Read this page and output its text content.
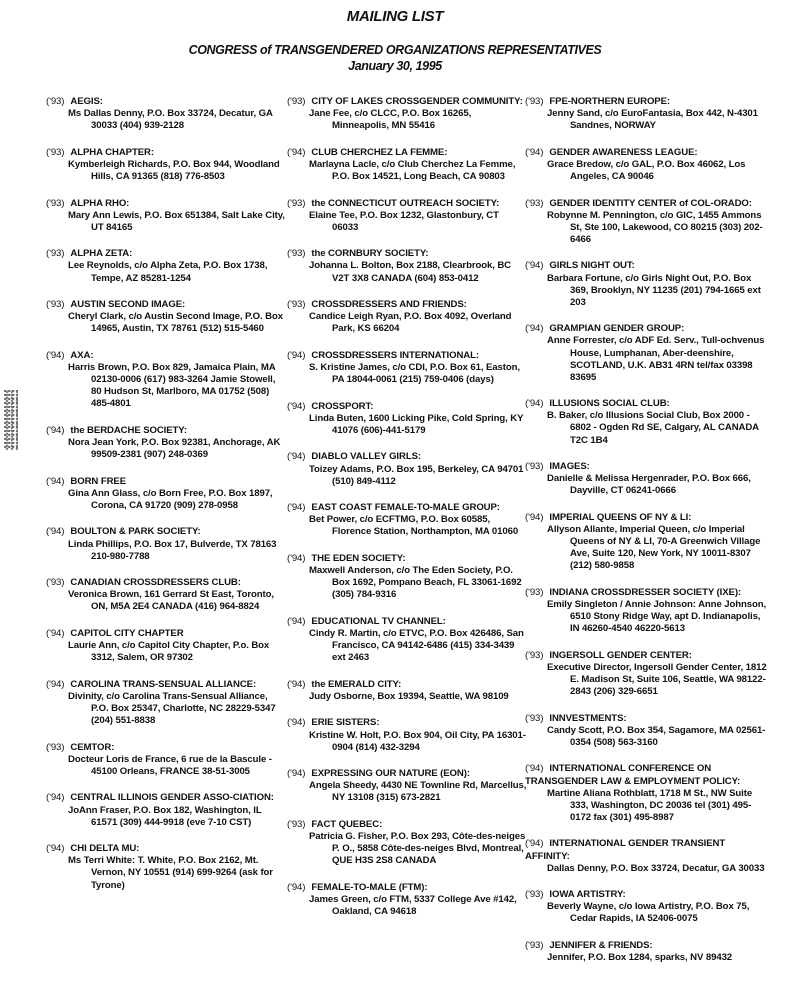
MAILING LIST
CONGRESS of TRANSGENDERED ORGANIZATIONS REPRESENTATIVES
January 30, 1995
('93) AEGIS:
Ms Dallas Denny, P.O. Box 33724, Decatur, GA 30033 (404) 939-2128
('93) ALPHA CHAPTER:
Kymberleigh Richards, P.O. Box 944, Woodland Hills, CA 91365 (818) 776-8503
('93) ALPHA RHO:
Mary Ann Lewis, P.O. Box 651384, Salt Lake City, UT 84165
('93) ALPHA ZETA:
Lee Reynolds, c/o Alpha Zeta, P.O. Box 1738, Tempe, AZ 85281-1254
('93) AUSTIN SECOND IMAGE:
Cheryl Clark, c/o Austin Second Image, P.O. Box 14965, Austin, TX 78761 (512) 515-5460
('94) AXA:
Harris Brown, P.O. Box 829, Jamaica Plain, MA 02130-0006 (617) 983-3264 Jamie Stowell, 80 Hudson St, Marlboro, MA 01752 (508) 485-4801
('94) the BERDACHE SOCIETY:
Nora Jean York, P.O. Box 92381, Anchorage, AK 99509-2381 (907) 248-0369
('94) BORN FREE
Gina Ann Glass, c/o Born Free, P.O. Box 1897, Corona, CA 91720 (909) 278-0958
('94) BOULTON & PARK SOCIETY:
Linda Phillips, P.O. Box 17, Bulverde, TX 78163 210-980-7788
('93) CANADIAN CROSSDRESSERS CLUB:
Veronica Brown, 161 Gerrard St East, Toronto, ON, M5A 2E4 CANADA (416) 964-8824
('94) CAPITOL CITY CHAPTER
Laurie Ann, c/o Capitol City Chapter, P.o. Box 3312, Salem, OR 97302
('94) CAROLINA TRANS-SENSUAL ALLIANCE:
Divinity, c/o Carolina Trans-Sensual Alliance, P.O. Box 25347, Charlotte, NC 28229-5347 (204) 551-8838
('93) CEMTOR:
Docteur Loris de France, 6 rue de la Bascule - 45100 Orleans, FRANCE 38-51-3005
('94) CENTRAL ILLINOIS GENDER ASSO-CIATION:
JoAnn Fraser, P.O. Box 182, Washington, IL 61571 (309) 444-9918 (eve 7-10 CST)
('94) CHI DELTA MU:
Ms Terri White: T. White, P.O. Box 2162, Mt. Vernon, NY 10551 (914) 699-9264 (ask for Tyrone)
('93) CITY OF LAKES CROSSGENDER COMMUNITY:
Jane Fee, c/o CLCC, P.O. Box 16265, Minneapolis, MN 55416
('94) CLUB CHERCHEZ LA FEMME:
Marlayna Lacle, c/o Club Cherchez La Femme, P.O. Box 14521, Long Beach, CA 90803
('93) the CONNECTICUT OUTREACH SOCIETY:
Elaine Tee, P.O. Box 1232, Glastonbury, CT 06033
('93) the CORNBURY SOCIETY:
Johanna L. Bolton, Box 2188, Clearbrook, BC V2T 3X8 CANADA (604) 853-0412
('93) CROSSDRESSERS AND FRIENDS:
Candice Leigh Ryan, P.O. Box 4092, Overland Park, KS 66204
('94) CROSSDRESSERS INTERNATIONAL:
S. Kristine James, c/o CDI, P.O. Box 61, Easton, PA 18044-0061 (215) 759-0406 (days)
('94) CROSSPORT:
Linda Buten, 1600 Licking Pike, Cold Spring, KY 41076 (606)-441-5179
('94) DIABLO VALLEY GIRLS:
Toizey Adams, P.O. Box 195, Berkeley, CA 94701 (510) 849-4112
('94) EAST COAST FEMALE-TO-MALE GROUP:
Bet Power, c/o ECFTMG, P.O. Box 60585, Florence Station, Northampton, MA 01060
('94) THE EDEN SOCIETY:
Maxwell Anderson, c/o The Eden Society, P.O. Box 1692, Pompano Beach, FL 33061-1692 (305) 784-9316
('94) EDUCATIONAL TV CHANNEL:
Cindy R. Martin, c/o ETVC, P.O. Box 426486, San Francisco, CA 94142-6486 (415) 334-3439 ext 2463
('94) the EMERALD CITY:
Judy Osborne, Box 19394, Seattle, WA 98109
('94) ERIE SISTERS:
Kristine W. Holt, P.O. Box 904, Oil City, PA 16301-0904 (814) 432-3294
('94) EXPRESSING OUR NATURE (EON):
Angela Sheedy, 4430 NE Townline Rd, Marcellus, NY 13108 (315) 673-2821
('93) FACT QUEBEC:
Patricia G. Fisher, P.O. Box 293, Côte-des-neiges P. O., 5858 Côte-des-neiges Blvd, Montreal, QUE H3S 2S8 CANADA
('94) FEMALE-TO-MALE (FTM):
James Green, c/o FTM, 5337 College Ave #142, Oakland, CA 94618
('93) FPE-NORTHERN EUROPE:
Jenny Sand, c/o EuroFantasia, Box 442, N-4301 Sandnes, NORWAY
('94) GENDER AWARENESS LEAGUE:
Grace Bredow, c/o GAL, P.O. Box 46062, Los Angeles, CA 90046
('93) GENDER IDENTITY CENTER of COL-ORADO:
Robynne M. Pennington, c/o GIC, 1455 Ammons St, Ste 100, Lakewood, CO 80215 (303) 202-6466
('94) GIRLS NIGHT OUT:
Barbara Fortune, c/o Girls Night Out, P.O. Box 369, Brooklyn, NY 11235 (201) 794-1665 ext 203
('94) GRAMPIAN GENDER GROUP:
Anne Forrester, c/o ADF Ed. Serv., Tull-ochvenus House, Lumphanan, Aber-deenshire, SCOTLAND, U.K. AB31 4RN tel/fax 03398 83695
('94) ILLUSIONS SOCIAL CLUB:
B. Baker, c/o Illusions Social Club, Box 2000 - 6802 - Ogden Rd SE, Calgary, AL CANADA T2C 1B4
('93) IMAGES:
Danielle & Melissa Hergenrader, P.O. Box 666, Dayville, CT 06241-0666
('94) IMPERIAL QUEENS OF NY & LI:
Allyson Allante, Imperial Queen, c/o Imperial Queens of NY & LI, 70-A Greenwich Village Ave, Suite 120, New York, NY 10011-8307 (212) 580-9858
('93) INDIANA CROSSDRESSER SOCIETY (IXE):
Emily Singleton / Annie Johnson: Anne Johnson, 6510 Stony Ridge Way, apt D. Indianapolis, IN 46260-4540 46220-5613
('93) INGERSOLL GENDER CENTER:
Executive Director, Ingersoll Gender Center, 1812 E. Madison St, Suite 106, Seattle, WA 98122-2843 (206) 329-6651
('93) INNVESTMENTS:
Candy Scott, P.O. Box 354, Sagamore, MA 02561-0354 (508) 563-3160
('94) INTERNATIONAL CONFERENCE ON TRANSGENDER LAW & EMPLOYMENT POLICY:
Martine Aliana Rothblatt, 1718 M St., NW Suite 333, Washington, DC 20036 tel (301) 495-0172 fax (301) 495-8987
('94) INTERNATIONAL GENDER TRANSIENT AFFINITY:
Dallas Denny, P.O. Box 33724, Decatur, GA 30033
('93) IOWA ARTISTRY:
Beverly Wayne, c/o Iowa Artistry, P.O. Box 75, Cedar Rapids, IA 52406-0075
('93) JENNIFER & FRIENDS:
Jennifer, P.O. Box 1284, sparks, NV 89432
